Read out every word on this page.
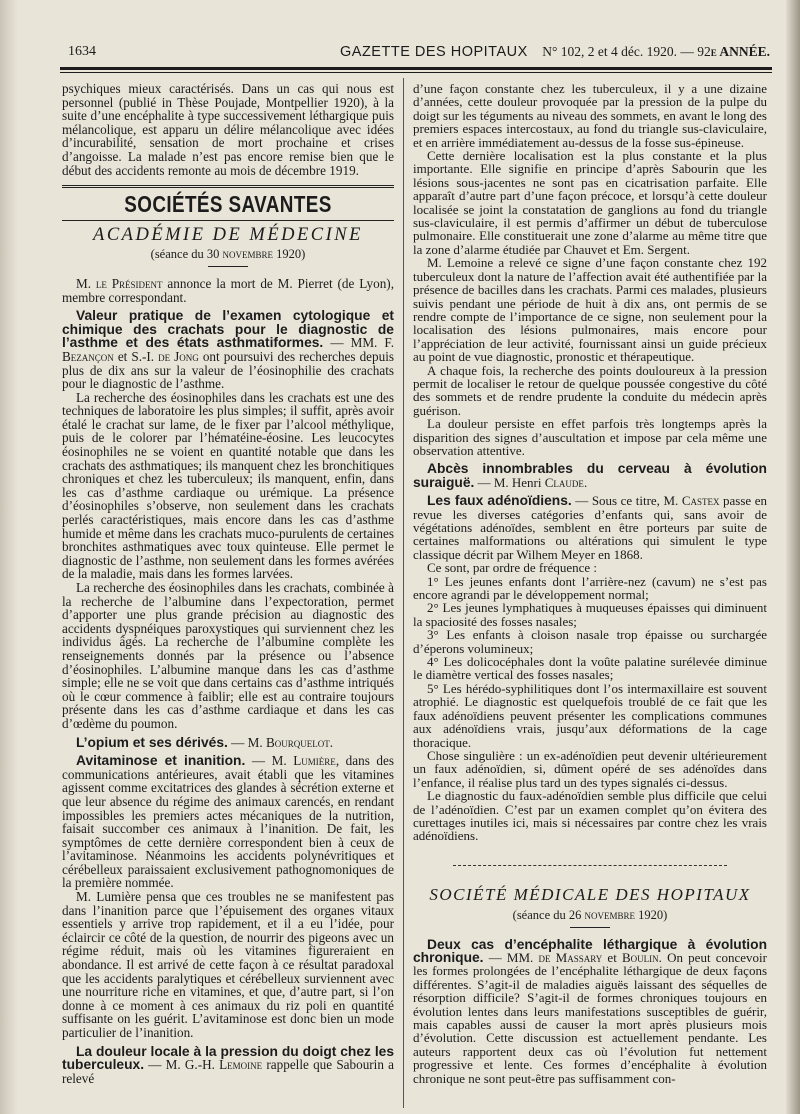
1634	GAZETTE DES HOPITAUX N° 102, 2 et 4 déc. 1920. — 92e ANNÉE.

psychiques mieux caractérisés. Dans un cas qui nous est personnel (publié in Thèse Poujade, Montpellier 1920), à la suite d’une encéphalite à type successivement léthargique puis mélancolique, est apparu un délire mélancolique avec idées d’incurabilité, sensation de mort prochaine et crises d’angoisse. La malade n’est pas encore remise bien que le début des accidents remonte au mois de décembre 1919.

SOCIÉTÉS SAVANTES
ACADÉMIE DE MÉDECINE
(séance du 30 novembre 1920)

M. le Président annonce la mort de M. Pierret (de Lyon), membre correspondant.

Valeur pratique de l’examen cytologique et chimique des crachats pour le diagnostic de l’asthme et des états asthmatiformes. — MM. F. Bezançon et S.-I. de Jong ont poursuivi des recherches depuis plus de dix ans sur la valeur de l’éosinophilie des crachats pour le diagnostic de l’asthme.

La recherche des éosinophiles dans les crachats est une des techniques de laboratoire les plus simples; il suffit, après avoir étalé le crachat sur lame, de le fixer par l’alcool méthylique, puis de le colorer par l’hématéine-éosine. Les leucocytes éosinophiles ne se voient en quantité notable que dans les crachats des asthmatiques; ils manquent chez les bronchitiques chroniques et chez les tuberculeux; ils manquent, enfin, dans les cas d’asthme cardiaque ou urémique. La présence d’éosinophiles s’observe, non seulement dans les crachats perlés caractéristiques, mais encore dans les cas d’asthme humide et même dans les crachats muco-purulents de certaines bronchites asthmatiques avec toux quinteuse. Elle permet le diagnostic de l’asthme, non seulement dans les formes avérées de la maladie, mais dans les formes larvées.

La recherche des éosinophiles dans les crachats, combinée à la recherche de l’albumine dans l’expectoration, permet d’apporter une plus grande précision au diagnostic des accidents dyspnéiques paroxystiques qui surviennent chez les individus âgés. La recherche de l’albumine complète les renseignements donnés par la présence ou l’absence d’éosinophiles. L’albumine manque dans les cas d’asthme simple; elle ne se voit que dans certains cas d’asthme intriqués où le cœur commence à faiblir; elle est au contraire toujours présente dans les cas d’asthme cardiaque et dans les cas d’œdème du poumon.

L’opium et ses dérivés. — M. Bourquelot.

Avitaminose et inanition. — M. Lumière, dans des communications antérieures, avait établi que les vitamines agissent comme excitatrices des glandes à sécrétion externe et que leur absence du régime des animaux carencés, en rendant impossibles les premiers actes mécaniques de la nutrition, faisait succomber ces animaux à l’inanition. De fait, les symptômes de cette dernière correspondent bien à ceux de l’avitaminose. Néanmoins les accidents polynévritiques et cérébelleux paraissaient exclusivement pathognomoniques de la première nommée.

M. Lumière pensa que ces troubles ne se manifestent pas dans l’inanition parce que l’épuisement des organes vitaux essentiels y arrive trop rapidement, et il a eu l’idée, pour éclaircir ce côté de la question, de nourrir des pigeons avec un régime réduit, mais où les vitamines figureraient en abondance. Il est arrivé de cette façon à ce résultat paradoxal que les accidents paralytiques et cérébelleux surviennent avec une nourriture riche en vitamines, et que, d’autre part, si l’on donne à ce moment à ces animaux du riz poli en quantité suffisante on les guérit. L’avitaminose est donc bien un mode particulier de l’inanition.

La douleur locale à la pression du doigt chez les tuberculeux. — M. G.-H. Lemoine rappelle que Sabourin a relevé

d’une façon constante chez les tuberculeux, il y a une dizaine d’années, cette douleur provoquée par la pression de la pulpe du doigt sur les téguments au niveau des sommets, en avant le long des premiers espaces intercostaux, au fond du triangle sus-claviculaire, et en arrière immédiatement au-dessus de la fosse sus-épineuse.

Cette dernière localisation est la plus constante et la plus importante. Elle signifie en principe d’après Sabourin que les lésions sous-jacentes ne sont pas en cicatrisation parfaite. Elle apparaît d’autre part d’une façon précoce, et lorsqu’à cette douleur localisée se joint la constatation de ganglions au fond du triangle sus-claviculaire, il est permis d’affirmer un début de tuberculose pulmonaire. Elle constituerait une zone d’alarme au même titre que la zone d’alarme étudiée par Chauvet et Em. Sergent.

M. Lemoine a relevé ce signe d’une façon constante chez 192 tuberculeux dont la nature de l’affection avait été authentifiée par la présence de bacilles dans les crachats. Parmi ces malades, plusieurs suivis pendant une période de huit à dix ans, ont permis de se rendre compte de l’importance de ce signe, non seulement pour la localisation des lésions pulmonaires, mais encore pour l’appréciation de leur activité, fournissant ainsi un guide précieux au point de vue diagnostic, pronostic et thérapeutique.

A chaque fois, la recherche des points douloureux à la pression permit de localiser le retour de quelque poussée congestive du côté des sommets et de rendre prudente la conduite du médecin après guérison.

La douleur persiste en effet parfois très longtemps après la disparition des signes d’auscultation et impose par cela même une observation attentive.

Abcès innombrables du cerveau à évolution suraiguë. — M. Henri Claude.

Les faux adénoïdiens. — Sous ce titre, M. Castex passe en revue les diverses catégories d’enfants qui, sans avoir de végétations adénoïdes, semblent en être porteurs par suite de certaines malformations ou altérations qui simulent le type classique décrit par Wilhem Meyer en 1868.

Ce sont, par ordre de fréquence :

1° Les jeunes enfants dont l’arrière-nez (cavum) ne s’est pas encore agrandi par le développement normal;

2° Les jeunes lymphatiques à muqueuses épaisses qui diminuent la spaciosité des fosses nasales;

3° Les enfants à cloison nasale trop épaisse ou surchargée d’éperons volumineux;

4° Les dolicocéphales dont la voûte palatine surélevée diminue le diamètre vertical des fosses nasales;

5° Les hérédo-syphilitiques dont l’os intermaxillaire est souvent atrophié. Le diagnostic est quelquefois troublé de ce fait que les faux adénoïdiens peuvent présenter les complications communes aux adénoïdiens vrais, jusqu’aux déformations de la cage thoracique.

Chose singulière : un ex-adénoïdien peut devenir ultérieurement un faux adénoïdien, si, dûment opéré de ses adénoïdes dans l’enfance, il réalise plus tard un des types signalés ci-dessus.

Le diagnostic du faux-adénoïdien semble plus difficile que celui de l’adénoïdien. C’est par un examen complet qu’on évitera des curettages inutiles ici, mais si nécessaires par contre chez les vrais adénoïdiens.

SOCIÉTÉ MÉDICALE DES HOPITAUX
(séance du 26 novembre 1920)

Deux cas d’encéphalite léthargique à évolution chronique. — MM. de Massary et Boulin. On peut concevoir les formes prolongées de l’encéphalite léthargique de deux façons différentes. S’agit-il de maladies aiguës laissant des séquelles de résorption difficile? S’agit-il de formes chroniques toujours en évolution lentes dans leurs manifestations susceptibles de guérir, mais capables aussi de causer la mort après plusieurs mois d’évolution. Cette discussion est actuellement pendante. Les auteurs rapportent deux cas où l’évolution fut nettement progressive et lente. Ces formes d’encéphalite à évolution chronique ne sont peut-être pas suffisamment con-
